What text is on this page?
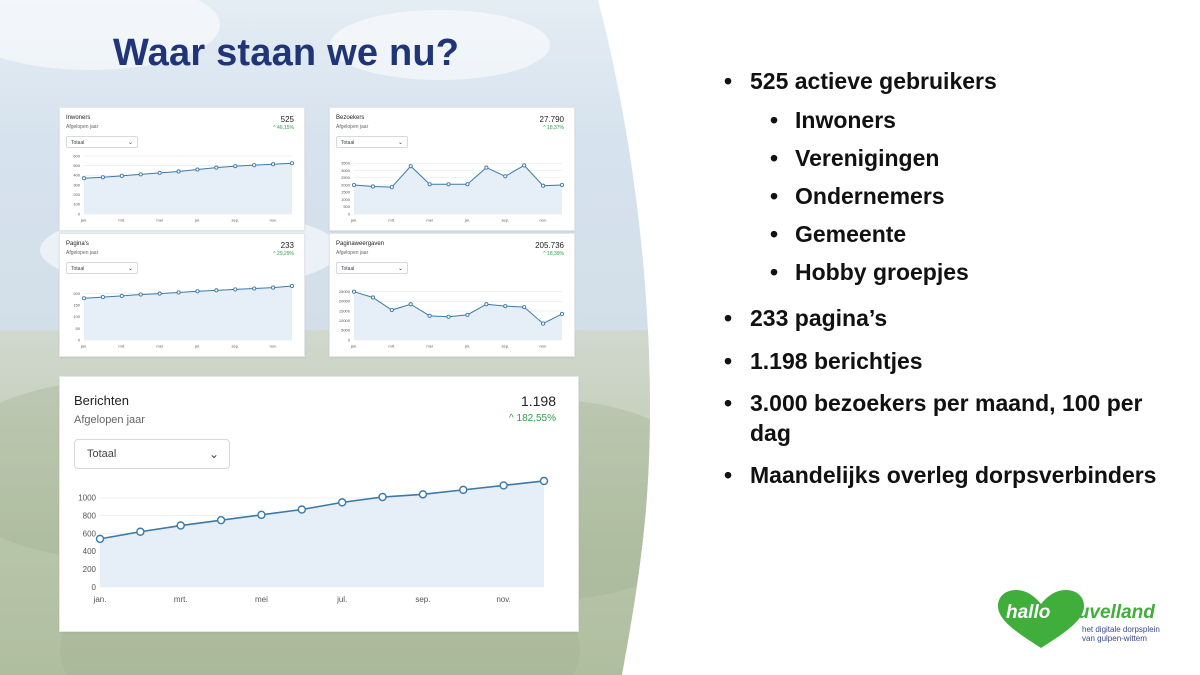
Waar staan we nu?
Inwoners
Afgelopen jaar
525
^ 46,15%
Totaal	⌄
0
100
200
300
400
500
600
jan.	mrt.	mei	jul.	sep.	nov.
Bezoekers
Afgelopen jaar
27.790
^ 18,37%
Totaal	⌄
0
500
1000
1500
2000
2500
3000
3500
jan.	mrt.	mei	jul.	sep.	nov.
Pagina's
Afgelopen jaar
233
^ 29,29%
Totaal	⌄
0
50
100
150
200
jan.	mrt.	mei	jul.	sep.	nov.
Paginaweergaven
Afgelopen jaar
205.736
^ 18,39%
Totaal	⌄
0
5000
10000
15000
20000
25000
jan.	mrt.	mei	jul.	sep.	nov.
Berichten
Afgelopen jaar
1.198
^ 182,55%
Totaal	⌄
0
200
400
600
800
1000
jan.	mrt.	mei	jul.	sep.	nov.
• 525 actieve gebruikers
• Inwoners
• Verenigingen
• Ondernemers
• Gemeente
• Hobby groepjes
• 233 pagina’s
• 1.198 berichtjes
• 3.000 bezoekers per maand, 100 per dag
• Maandelijks overleg dorpsverbinders
hallo heuvelland
het digitale dorpsplein
van gulpen-wittem
